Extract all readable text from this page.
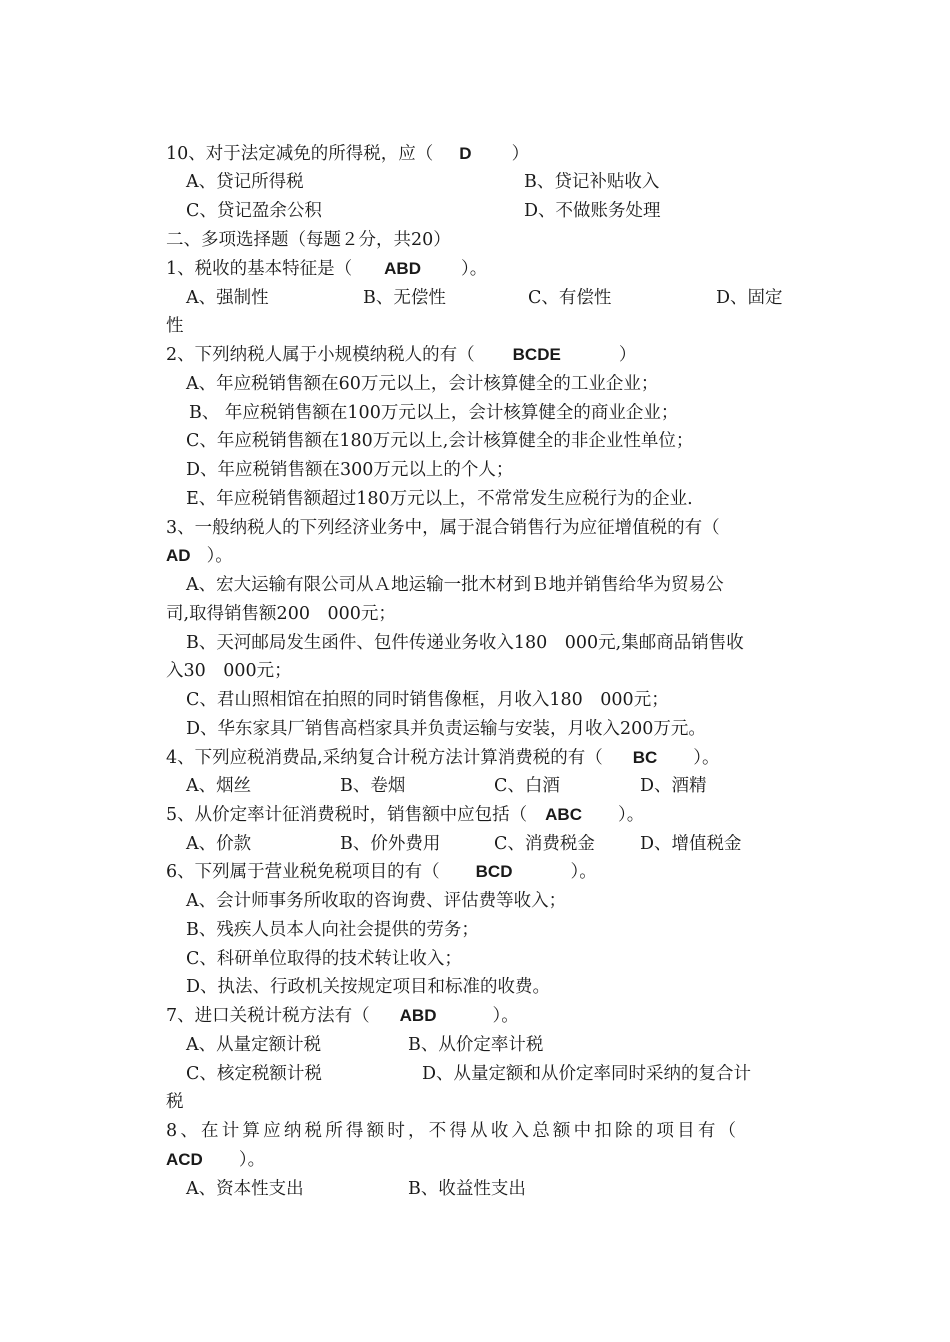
10、对于法定减免的所得税，应（ D ）
A、贷记所得税	B、贷记补贴收入
C、贷记盈余公积	D、不做账务处理
二、多项选择题（每题２分，共20）
1、税收的基本特征是（ ABD ）。
A、强制性	B、无偿性	C、有偿性	D、固定
性
2、下列纳税人属于小规模纳税人的有（ BCDE	）
A、年应税销售额在60万元以上，会计核算健全的工业企业；
B、 年应税销售额在100万元以上，会计核算健全的商业企业；
C、年应税销售额在180万元以上,会计核算健全的非企业性单位；
D、年应税销售额在300万元以上的个人；
E、年应税销售额超过180万元以上，不常常发生应税行为的企业.
3、一般纳税人的下列经济业务中，属于混合销售行为应征增值税的有（
AD ）。
A、宏大运输有限公司从Ａ地运输一批木材到Ｂ地并销售给华为贸易公
司,取得销售额200　000元；
B、天河邮局发生函件、包件传递业务收入180　000元,集邮商品销售收
入30　000元；
C、君山照相馆在拍照的同时销售像框，月收入180　000元；
D、华东家具厂销售高档家具并负责运输与安装，月收入200万元。
4、下列应税消费品,采纳复合计税方法计算消费税的有（ BC ）。
A、烟丝	B、卷烟	C、白酒	D、酒精
5、从价定率计征消费税时，销售额中应包括（ ABC ）。
A、价款	B、价外费用	C、消费税金	D、增值税金
6、下列属于营业税免税项目的有（ BCD	）。
A、会计师事务所收取的咨询费、评估费等收入；
B、残疾人员本人向社会提供的劳务；
C、科研单位取得的技术转让收入；
D、执法、行政机关按规定项目和标准的收费。
7、进口关税计税方法有（ ABD	）。
A、从量定额计税	B、从价定率计税
C、核定税额计税	D、从量定额和从价定率同时采纳的复合计
税
8、在计算应纳税所得额时，不得从收入总额中扣除的项目有（
ACD ）。
A、资本性支出	B、收益性支出
